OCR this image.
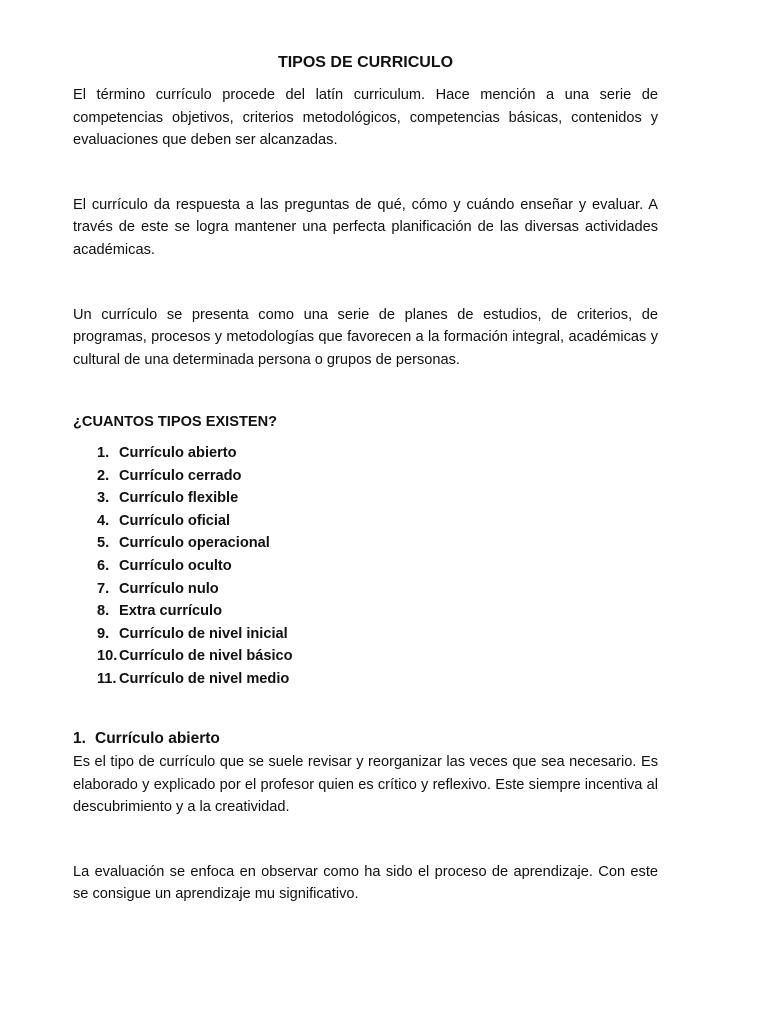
TIPOS DE CURRICULO

El término currículo procede del latín curriculum. Hace mención a una serie de competencias objetivos, criterios metodológicos, competencias básicas, contenidos y evaluaciones que deben ser alcanzadas.

El currículo da respuesta a las preguntas de qué, cómo y cuándo enseñar y evaluar. A través de este se logra mantener una perfecta planificación de las diversas actividades académicas.

Un currículo se presenta como una serie de planes de estudios, de criterios, de programas, procesos y metodologías que favorecen a la formación integral, académicas y cultural de una determinada persona o grupos de personas.

¿CUANTOS TIPOS EXISTEN?

1. Currículo abierto
2. Currículo cerrado
3. Currículo flexible
4. Currículo oficial
5. Currículo operacional
6. Currículo oculto
7. Currículo nulo
8. Extra currículo
9. Currículo de nivel inicial
10. Currículo de nivel básico
11. Currículo de nivel medio
1. Currículo abierto

Es el tipo de currículo que se suele revisar y reorganizar las veces que sea necesario. Es elaborado y explicado por el profesor quien es crítico y reflexivo. Este siempre incentiva al descubrimiento y a la creatividad.

La evaluación se enfoca en observar como ha sido el proceso de aprendizaje. Con este se consigue un aprendizaje mu significativo.
